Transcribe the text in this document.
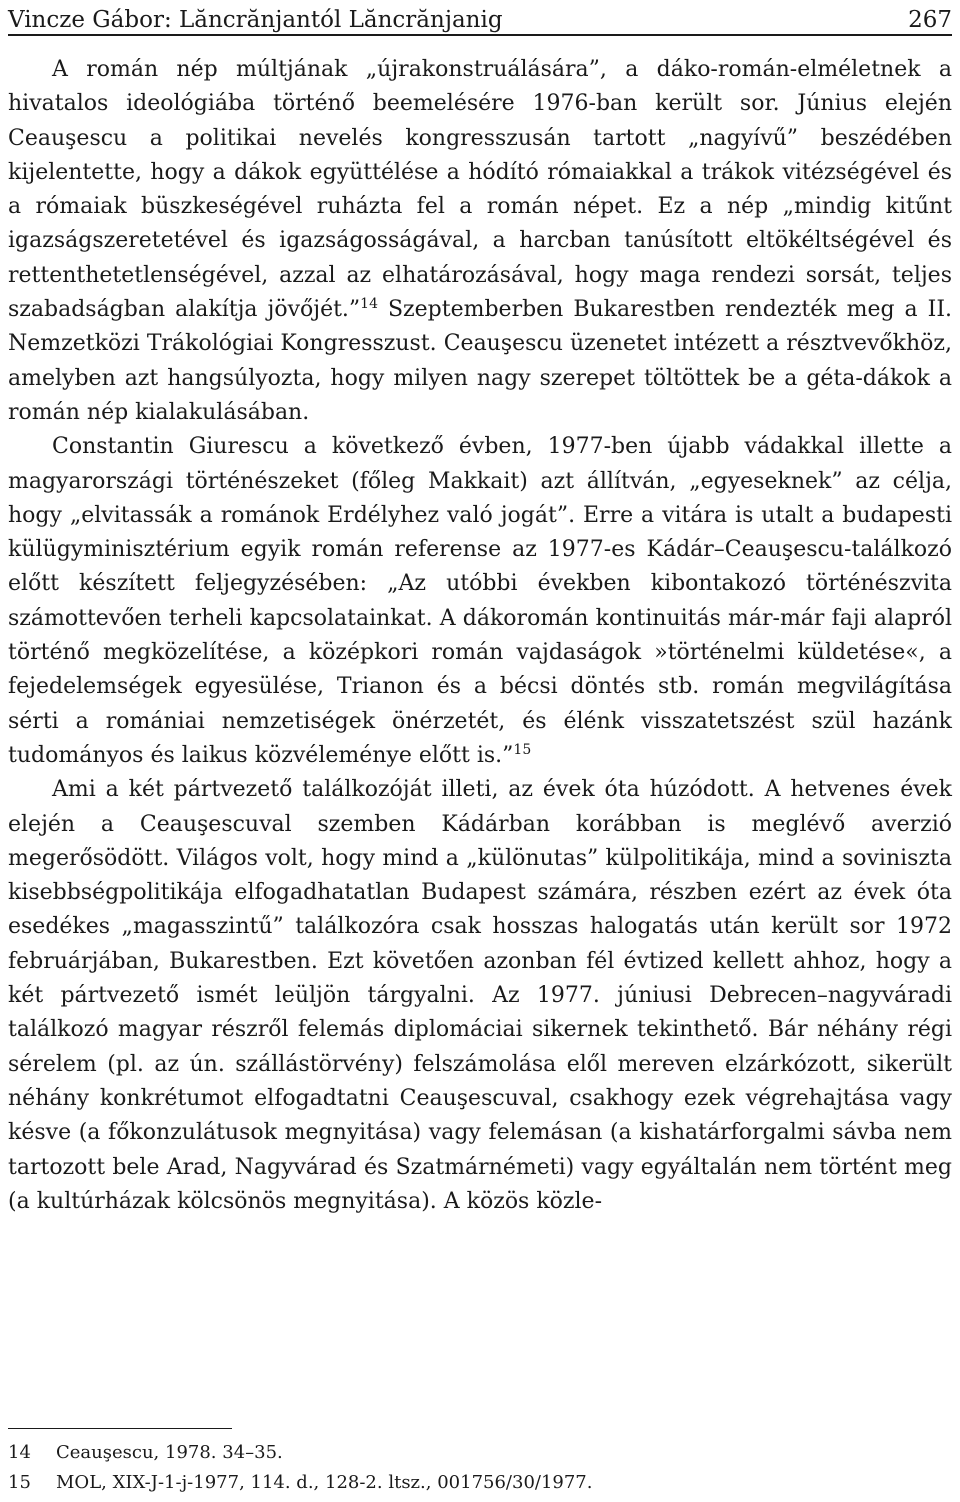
Vincze Gábor: Lăncrănjantól Lăncrănjanig	267

A román nép múltjának „újrakonstruálására”, a dáko-román-elméletnek a hivatalos ideológiába történő beemelésére 1976-ban került sor. Június elején Ceauşescu a politikai nevelés kongresszusán tartott „nagyívű” beszédében kijelentette, hogy a dákok együttélése a hódító rómaiakkal a trákok vitézségével és a rómaiak büszkeségével ruházta fel a román népet. Ez a nép „mindig kitűnt igazságszeretetével és igazságosságával, a harcban tanúsított eltökéltségével és rettenthetetlenségével, azzal az elhatározásával, hogy maga rendezi sorsát, teljes szabadságban alakítja jövőjét.”$^{14}$ Szeptemberben Bukarestben rendezték meg a II. Nemzetközi Trákológiai Kongresszust. Ceauşescu üzenetet intézett a résztvevőkhöz, amelyben azt hangsúlyozta, hogy milyen nagy szerepet töltöttek be a géta-dákok a román nép kialakulásában.

Constantin Giurescu a következő évben, 1977-ben újabb vádakkal illette a magyarországi történészeket (főleg Makkait) azt állítván, „egyeseknek” az célja, hogy „elvitassák a románok Erdélyhez való jogát”. Erre a vitára is utalt a budapesti külügyminisztérium egyik román referense az 1977-es Kádár–Ceauşescu-találkozó előtt készített feljegyzésében: „Az utóbbi években kibontakozó történészvita számottevően terheli kapcsolatainkat. A dákoromán kontinuitás már-már faji alapról történő megközelítése, a középkori román vajdaságok »történelmi küldetése«, a fejedelemségek egyesülése, Trianon és a bécsi döntés stb. román megvilágítása sérti a romániai nemzetiségek önérzetét, és élénk visszatetszést szül hazánk tudományos és laikus közvéleménye előtt is.”$^{15}$

Ami a két pártvezető találkozóját illeti, az évek óta húzódott. A hetvenes évek elején a Ceauşescuval szemben Kádárban korábban is meglévő averzió megerősödött. Világos volt, hogy mind a „különutas” külpolitikája, mind a soviniszta kisebbségpolitikája elfogadhatatlan Budapest számára, részben ezért az évek óta esedékes „magasszintű” találkozóra csak hosszas halogatás után került sor 1972 februárjában, Bukarestben. Ezt követően azonban fél évtized kellett ahhoz, hogy a két pártvezető ismét leüljön tárgyalni. Az 1977. júniusi Debrecen–nagyváradi találkozó magyar részről felemás diplomáciai sikernek tekinthető. Bár néhány régi sérelem (pl. az ún. szállástörvény) felszámolása elől mereven elzárkózott, sikerült néhány konkrétumot elfogadtatni Ceauşescuval, csakhogy ezek végrehajtása vagy késve (a főkonzulátusok megnyitása) vagy felemásan (a kishatárforgalmi sávba nem tartozott bele Arad, Nagyvárad és Szatmárnémeti) vagy egyáltalán nem történt meg (a kultúrházak kölcsönös megnyitása). A közös közle-

14	Ceauşescu, 1978. 34–35.
15	MOL, XIX-J-1-j-1977, 114. d., 128-2. ltsz., 001756/30/1977.
